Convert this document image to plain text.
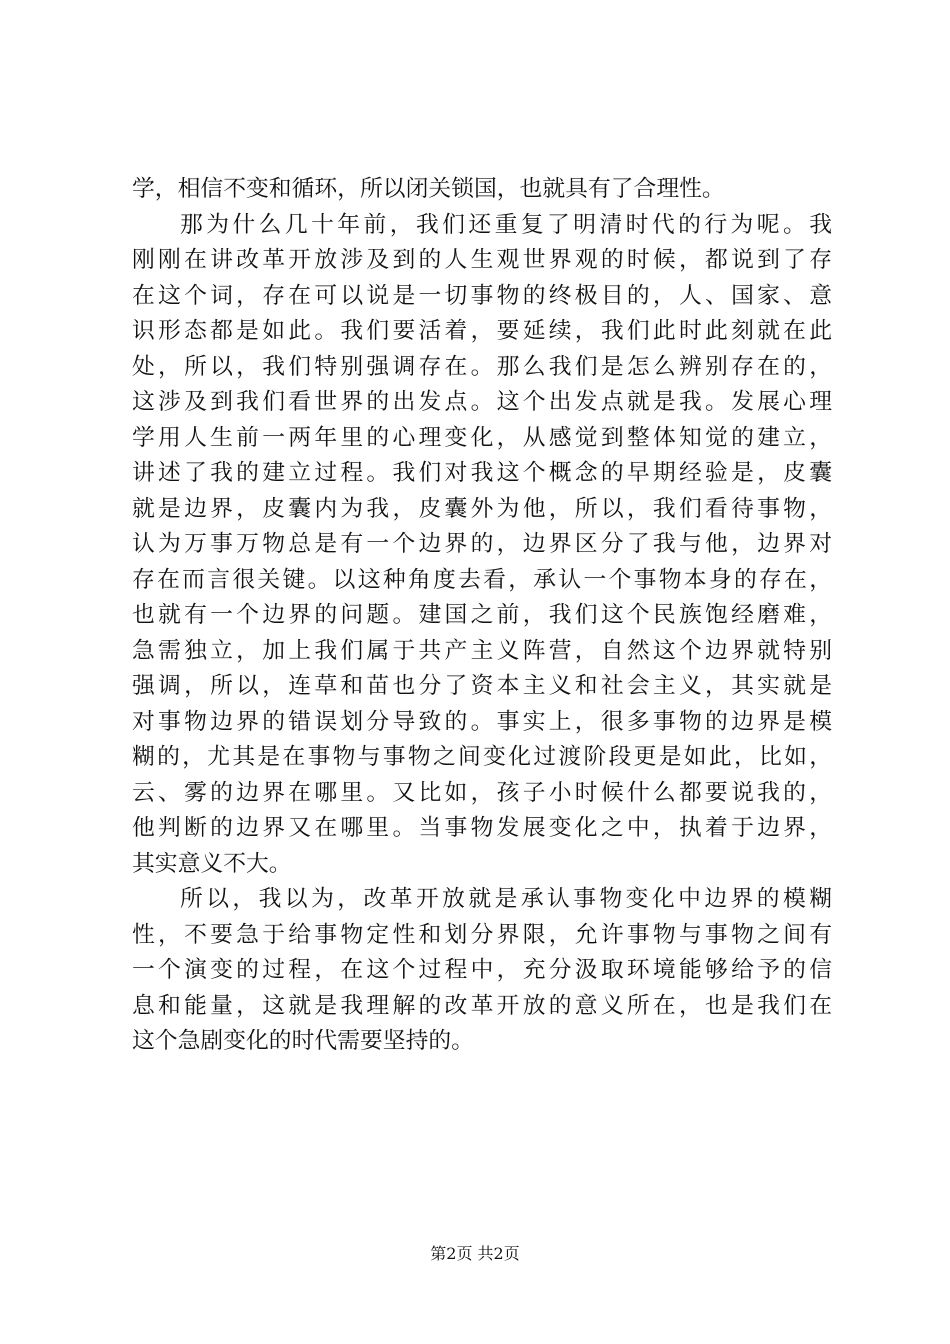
学，相信不变和循环，所以闭关锁国，也就具有了合理性。
那为什么几十年前，我们还重复了明清时代的行为呢。我
刚刚在讲改革开放涉及到的人生观世界观的时候，都说到了存
在这个词，存在可以说是一切事物的终极目的，人、国家、意
识形态都是如此。我们要活着，要延续，我们此时此刻就在此
处，所以，我们特别强调存在。那么我们是怎么辨别存在的，
这涉及到我们看世界的出发点。这个出发点就是我。发展心理
学用人生前一两年里的心理变化，从感觉到整体知觉的建立，
讲述了我的建立过程。我们对我这个概念的早期经验是，皮囊
就是边界，皮囊内为我，皮囊外为他，所以，我们看待事物，
认为万事万物总是有一个边界的，边界区分了我与他，边界对
存在而言很关键。以这种角度去看，承认一个事物本身的存在，
也就有一个边界的问题。建国之前，我们这个民族饱经磨难，
急需独立，加上我们属于共产主义阵营，自然这个边界就特别
强调，所以，连草和苗也分了资本主义和社会主义，其实就是
对事物边界的错误划分导致的。事实上，很多事物的边界是模
糊的，尤其是在事物与事物之间变化过渡阶段更是如此，比如，
云、雾的边界在哪里。又比如，孩子小时候什么都要说我的，
他判断的边界又在哪里。当事物发展变化之中，执着于边界，
其实意义不大。
所以，我以为，改革开放就是承认事物变化中边界的模糊
性，不要急于给事物定性和划分界限，允许事物与事物之间有
一个演变的过程，在这个过程中，充分汲取环境能够给予的信
息和能量，这就是我理解的改革开放的意义所在，也是我们在
这个急剧变化的时代需要坚持的。
第2页 共2页
